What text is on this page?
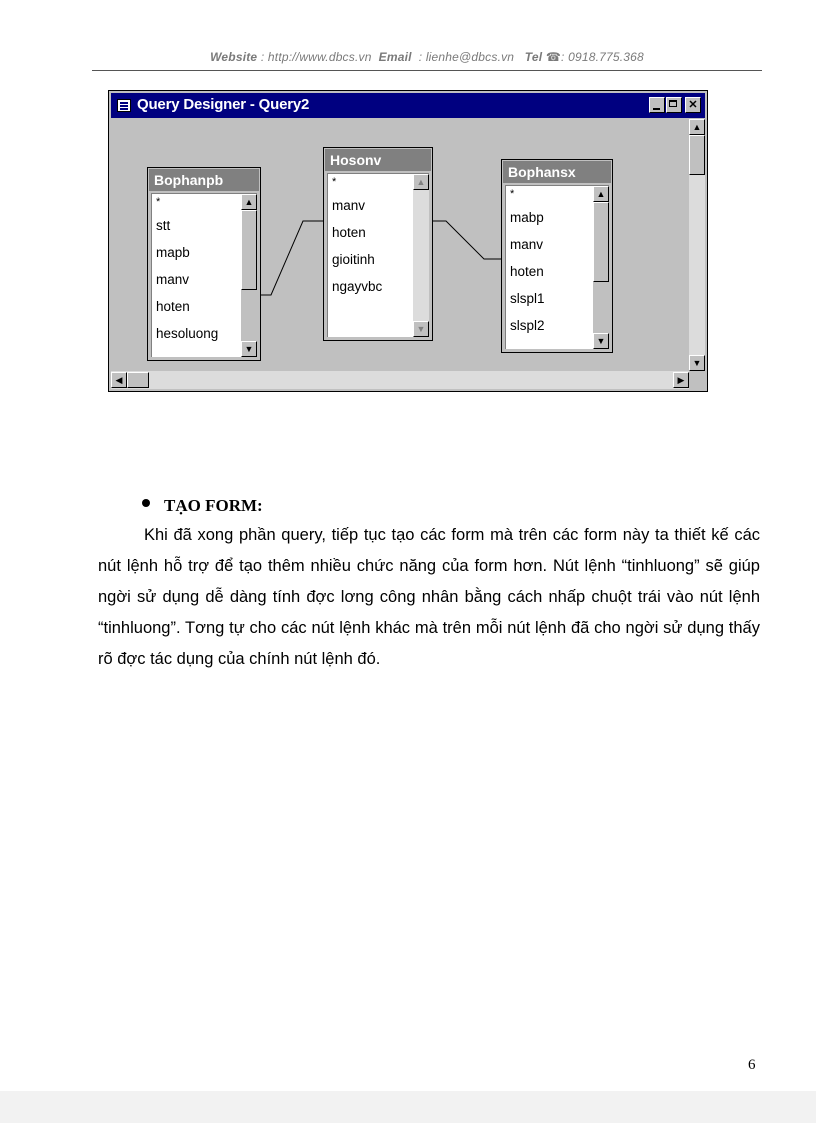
Website : http://www.dbcs.vn Email : lienhe@dbcs.vn Tel ☎: 0918.775.368
Query Designer - Query2	✕
Bophanpb
*
stt
mapb
manv
hoten
hesoluong
▲
▼
Hosonv
*
manv
hoten
gioitinh
ngayvbc
▲
▼
Bophansx
*
mabp
manv
hoten
slspl1
slspl2
▲
▼
▲
▼
◀	▶
TẠO FORM:
Khi đã xong phần query, tiếp tục tạo các form mà trên các form này ta thiết kế các nút lệnh hỗ trợ để tạo thêm nhiều chức năng của form hơn. Nút lệnh “tinhluong” sẽ giúp ngời sử dụng dễ dàng tính đợc lơng công nhân bằng cách nhấp chuột trái vào nút lệnh “tinhluong”. Tơng tự cho các nút lệnh khác mà trên mỗi nút lệnh đã cho ngời sử dụng thấy rõ đợc tác dụng của chính nút lệnh đó.
6
